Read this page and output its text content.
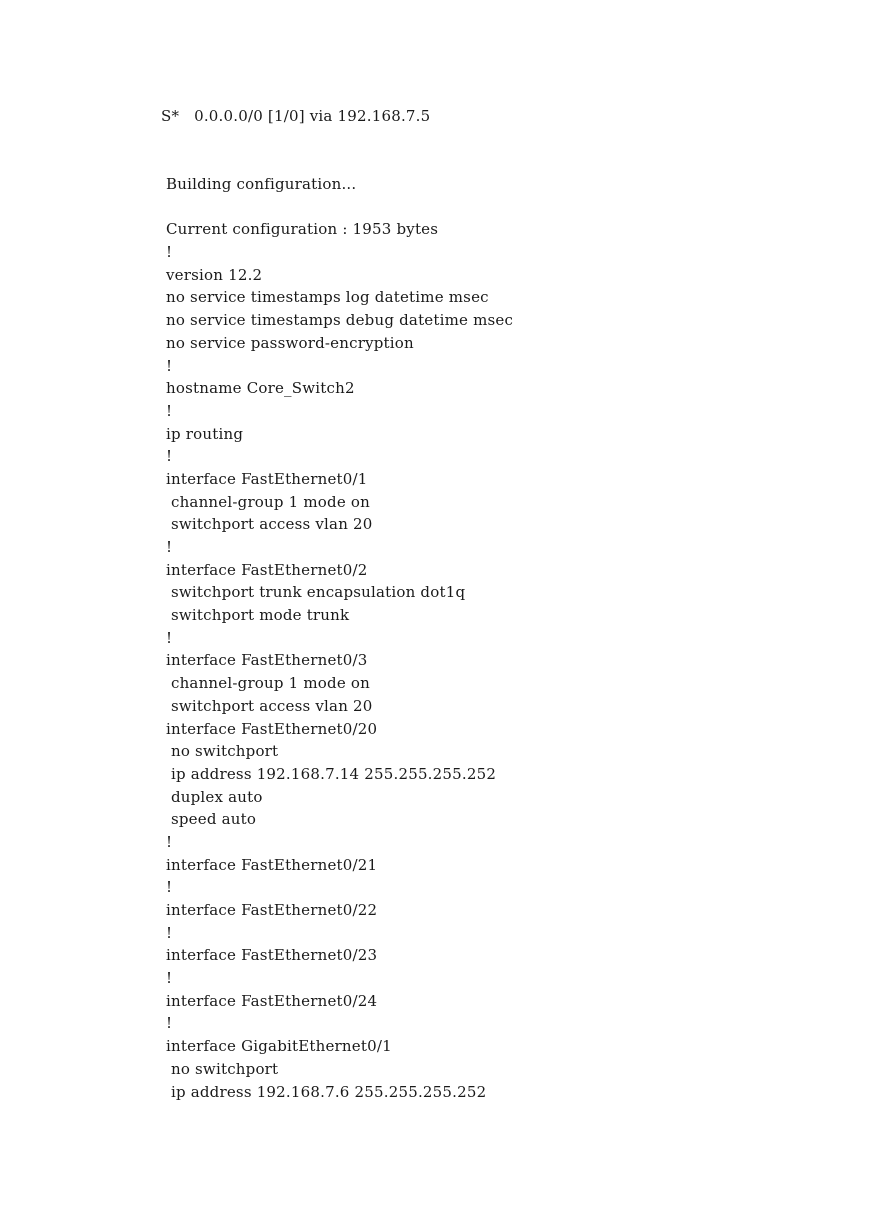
S*   0.0.0.0/0 [1/0] via 192.168.7.5
Building configuration...
Current configuration : 1953 bytes
!
version 12.2
no service timestamps log datetime msec
no service timestamps debug datetime msec
no service password-encryption
!
hostname Core_Switch2
!
ip routing
!
interface FastEthernet0/1
channel-group 1 mode on
switchport access vlan 20
!
interface FastEthernet0/2
switchport trunk encapsulation dot1q
switchport mode trunk
!
interface FastEthernet0/3
channel-group 1 mode on
switchport access vlan 20
interface FastEthernet0/20
no switchport
ip address 192.168.7.14 255.255.255.252
duplex auto
speed auto
!
interface FastEthernet0/21
!
interface FastEthernet0/22
!
interface FastEthernet0/23
!
interface FastEthernet0/24
!
interface GigabitEthernet0/1
no switchport
ip address 192.168.7.6 255.255.255.252
